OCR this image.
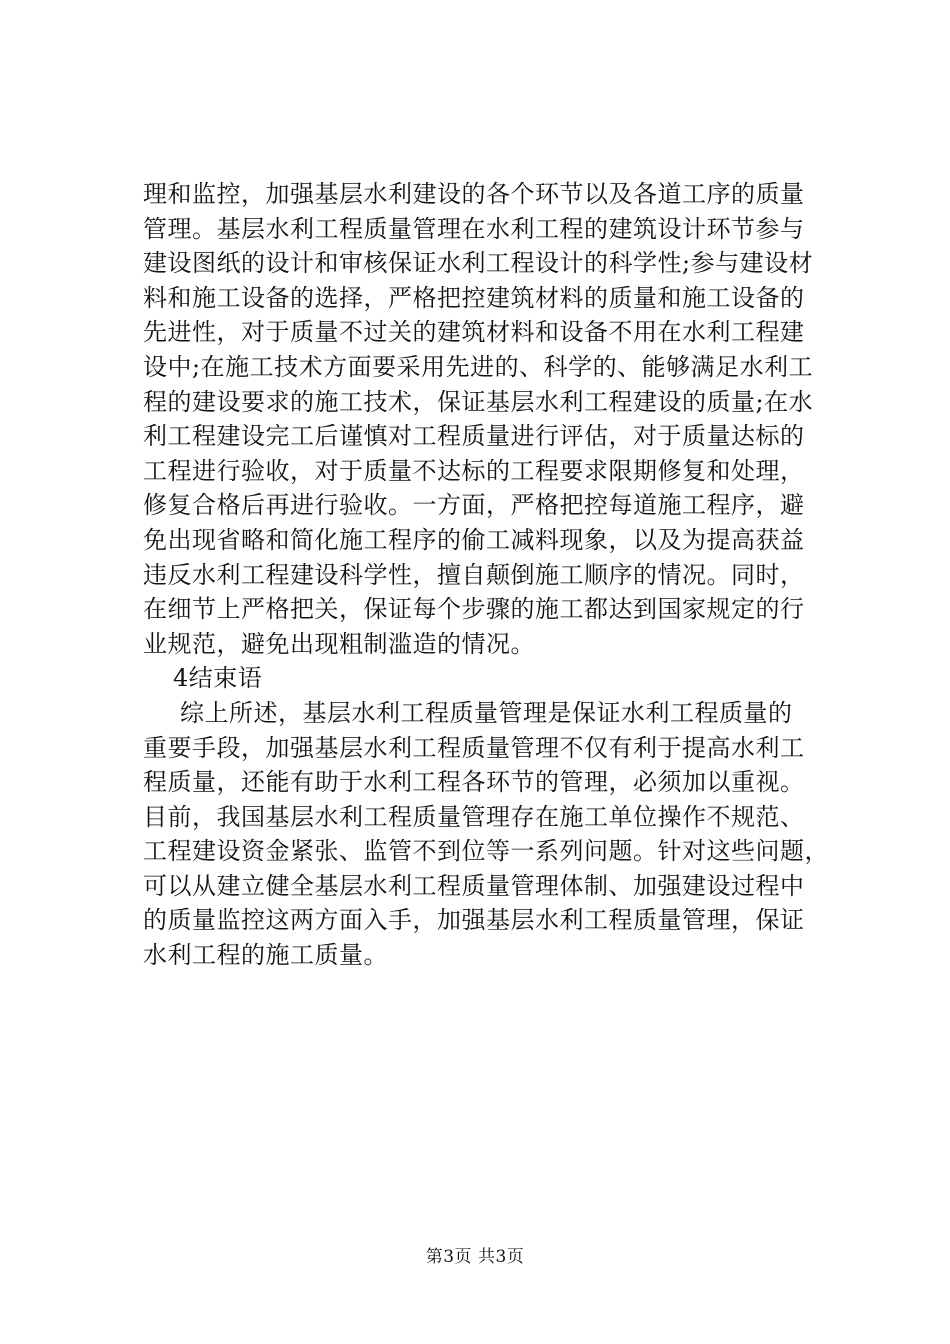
理和监控，加强基层水利建设的各个环节以及各道工序的质量
管理。基层水利工程质量管理在水利工程的建筑设计环节参与
建设图纸的设计和审核保证水利工程设计的科学性;参与建设材
料和施工设备的选择，严格把控建筑材料的质量和施工设备的
先进性，对于质量不过关的建筑材料和设备不用在水利工程建
设中;在施工技术方面要采用先进的、科学的、能够满足水利工
程的建设要求的施工技术，保证基层水利工程建设的质量;在水
利工程建设完工后谨慎对工程质量进行评估，对于质量达标的
工程进行验收，对于质量不达标的工程要求限期修复和处理，
修复合格后再进行验收。一方面，严格把控每道施工程序，避
免出现省略和简化施工程序的偷工减料现象，以及为提高获益
违反水利工程建设科学性，擅自颠倒施工顺序的情况。同时，
在细节上严格把关，保证每个步骤的施工都达到国家规定的行
业规范，避免出现粗制滥造的情况。
4结束语
综上所述，基层水利工程质量管理是保证水利工程质量的
重要手段，加强基层水利工程质量管理不仅有利于提高水利工
程质量，还能有助于水利工程各环节的管理，必须加以重视。
目前，我国基层水利工程质量管理存在施工单位操作不规范、
工程建设资金紧张、监管不到位等一系列问题。针对这些问题，
可以从建立健全基层水利工程质量管理体制、加强建设过程中
的质量监控这两方面入手，加强基层水利工程质量管理，保证
水利工程的施工质量。
第3页 共3页
